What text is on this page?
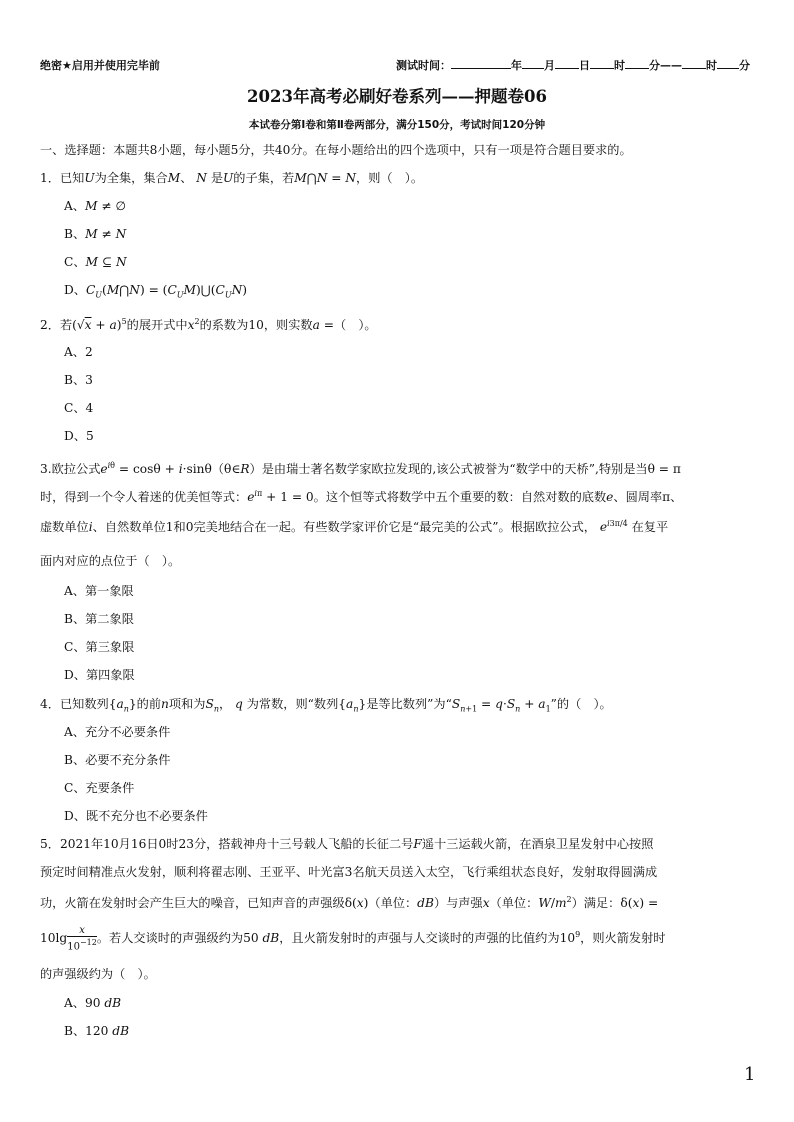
绝密★启用并使用完毕前	测试时间：	年 月 日 时 分—— 时 分
2023年高考必刷好卷系列——押题卷06
本试卷分第Ⅰ卷和第Ⅱ卷两部分，满分150分，考试时间120分钟
一、选择题：本题共8小题，每小题5分，共40分。在每小题给出的四个选项中，只有一项是符合题目要求的。
1．已知U为全集，集合M、 N 是U的子集，若M⋂N = N，则（　）。
A、M ≠ ∅
B、M ≠ N
C、M ⊆ N
D、$C_U(M⋂N)$ = $(C_UM)⋃(C_UN)$
2．若$(√x + a)^5$的展开式中$x^2$的系数为10，则实数a =（　）。
A、2
B、3
C、4
D、5
3.欧拉公式$e^{i\theta} = \cos\theta$ + i·sinθ（θ∈R）是由瑞士著名数学家欧拉发现的,该公式被誉为“数学中的天桥”,特别是当θ = π
时，得到一个令人着迷的优美恒等式：$e^{i\pi} + 1 = 0$。这个恒等式将数学中五个重要的数：自然对数的底数e、圆周率π、
虚数单位i、自然数单位1和0完美地结合在一起。有些数学家评价它是“最完美的公式”。根据欧拉公式， $e^{i3\pi/4}$ 在复平
面内对应的点位于（　）。
A、第一象限
B、第二象限
C、第三象限
D、第四象限
4．已知数列$\{a_n\}$的前n项和为$S_n$， q 为常数，则“数列$\{a_n\}$是等比数列”为“$S_{n+1} = q\cdot S_n + a_1$”的（　）。
A、充分不必要条件
B、必要不充分条件
C、充要条件
D、既不充分也不必要条件
5．2021年10月16日0时23分，搭载神舟十三号载人飞船的长征二号F遥十三运载火箭，在酒泉卫星发射中心按照
预定时间精准点火发射，顺利将翟志刚、王亚平、叶光富3名航天员送入太空，飞行乘组状态良好，发射取得圆满成
功，火箭在发射时会产生巨大的噪音，已知声音的声强级δ(x)（单位：dB）与声强x（单位：$W/m^2$）满足：δ(x) =
$10\lg \frac{x}{10^{-12}}$ 。若人交谈时的声强级约为50 dB，且火箭发射时的声强与人交谈时的声强的比值约为$10^9$，则火箭发射时
的声强级约为（　）。
A、90 dB
B、120 dB
1
